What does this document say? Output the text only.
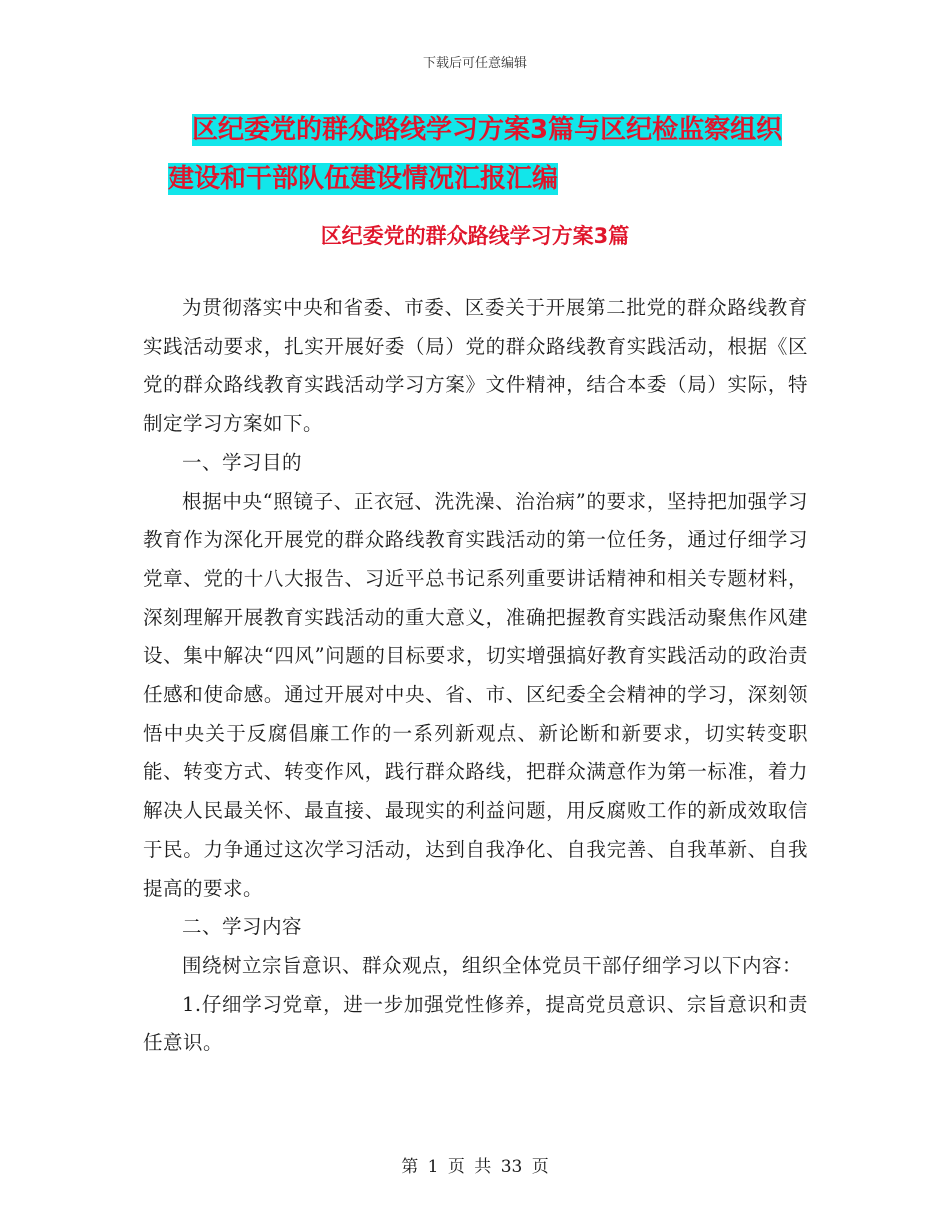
下载后可任意编辑
区纪委党的群众路线学习方案3篇与区纪检监察组织
建设和干部队伍建设情况汇报汇编
区纪委党的群众路线学习方案3篇

为贯彻落实中央和省委、市委、区委关于开展第二批党的群众路线教育实践活动要求，扎实开展好委（局）党的群众路线教育实践活动，根据《区党的群众路线教育实践活动学习方案》文件精神，结合本委（局）实际，特制定学习方案如下。

一、学习目的

根据中央“照镜子、正衣冠、洗洗澡、治治病”的要求，坚持把加强学习教育作为深化开展党的群众路线教育实践活动的第一位任务，通过仔细学习党章、党的十八大报告、习近平总书记系列重要讲话精神和相关专题材料，深刻理解开展教育实践活动的重大意义，准确把握教育实践活动聚焦作风建设、集中解决“四风”问题的目标要求，切实增强搞好教育实践活动的政治责任感和使命感。通过开展对中央、省、市、区纪委全会精神的学习，深刻领悟中央关于反腐倡廉工作的一系列新观点、新论断和新要求，切实转变职能、转变方式、转变作风，践行群众路线，把群众满意作为第一标准，着力解决人民最关怀、最直接、最现实的利益问题，用反腐败工作的新成效取信于民。力争通过这次学习活动，达到自我净化、自我完善、自我革新、自我提高的要求。

二、学习内容

围绕树立宗旨意识、群众观点，组织全体党员干部仔细学习以下内容：

1.仔细学习党章，进一步加强党性修养，提高党员意识、宗旨意识和责任意识。

第 1 页 共 33 页
